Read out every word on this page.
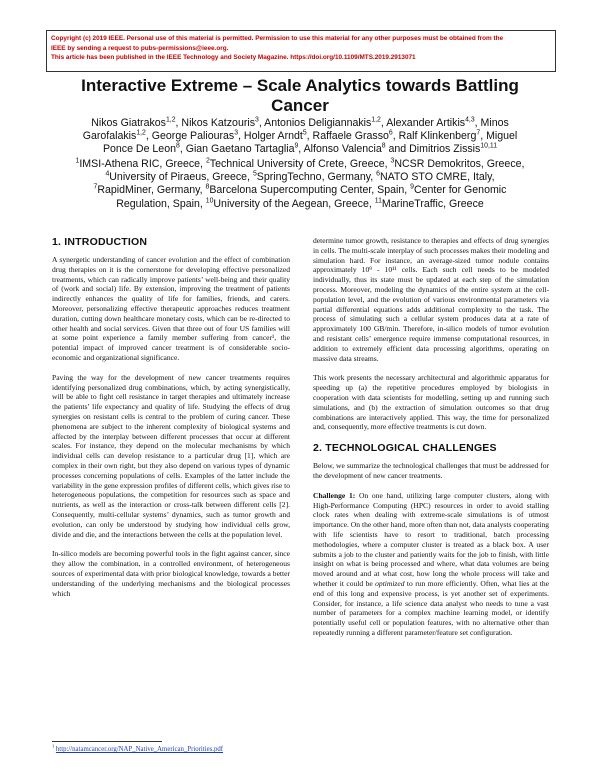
Copyright (c) 2019 IEEE. Personal use of this material is permitted. Permission to use this material for any other purposes must be obtained from the
IEEE by sending a request to pubs-permissions@ieee.org.
This article has been published in the IEEE Technology and Society Magazine. https://doi.org/10.1109/MTS.2019.2913071
Interactive Extreme – Scale Analytics towards Battling
Cancer
Nikos Giatrakos$^{1,2}$, Nikos Katzouris$^3$, Antonios Deligiannakis$^{1,2}$, Alexander Artikis$^{4,3}$, Minos
Garofalakis$^{1,2}$, George Paliouras$^3$, Holger Arndt$^5$, Raffaele Grasso$^6$, Ralf Klinkenberg$^7$, Miguel
Ponce De Leon$^8$, Gian Gaetano Tartaglia$^9$, Alfonso Valencia$^8$ and Dimitrios Zissis$^{10,11}$
$^1$IMSI-Athena RIC, Greece, $^2$Technical University of Crete, Greece, $^3$NCSR Demokritos, Greece,
$^4$University of Piraeus, Greece, $^5$SpringTechno, Germany, $^6$NATO STO CMRE, Italy,
$^7$RapidMiner, Germany, $^8$Barcelona Supercomputing Center, Spain, $^9$Center for Genomic
Regulation, Spain, $^{10}$University of the Aegean, Greece, $^{11}$MarineTraffic, Greece
1. INTRODUCTION

A synergetic understanding of cancer evolution and the effect of combination drug therapies on it is the cornerstone for developing effective personalized treatments, which can radically improve patients’ well-being and their quality of (work and social) life. By extension, improving the treatment of patients indirectly enhances the quality of life for families, friends, and carers. Moreover, personalizing effective therapeutic approaches reduces treatment duration, cutting down healthcare monetary costs, which can be re-directed to other health and social services. Given that three out of four US families will at some point experience a family member suffering from cancer¹, the potential impact of improved cancer treatment is of considerable socio-economic and organizational significance.

Paving the way for the development of new cancer treatments requires identifying personalized drug combinations, which, by acting synergistically, will be able to fight cell resistance in target therapies and ultimately increase the patients’ life expectancy and quality of life. Studying the effects of drug synergies on resistant cells is central to the problem of curing cancer. These phenomena are subject to the inherent complexity of biological systems and affected by the interplay between different processes that occur at different scales. For instance, they depend on the molecular mechanisms by which individual cells can develop resistance to a particular drug [1], which are complex in their own right, but they also depend on various types of dynamic processes concerning populations of cells. Examples of the latter include the variability in the gene expression profiles of different cells, which gives rise to heterogeneous populations, the competition for resources such as space and nutrients, as well as the interaction or cross-talk between different cells [2]. Consequently, multi-cellular systems’ dynamics, such as tumor growth and evolution, can only be understood by studying how individual cells grow, divide and die, and the interactions between the cells at the population level.

In-silico models are becoming powerful tools in the fight against cancer, since they allow the combination, in a controlled environment, of heterogeneous sources of experimental data with prior biological knowledge, towards a better understanding of the underlying mechanisms and the biological processes which

determine tumor growth, resistance to therapies and effects of drug synergies in cells. The multi-scale interplay of such processes makes their modeling and simulation hard. For instance, an average-sized tumor nodule contains approximately 10⁹ - 10¹¹ cells. Each such cell needs to be modeled individually, thus its state must be updated at each step of the simulation process. Moreover, modeling the dynamics of the entire system at the cell-population level, and the evolution of various environmental parameters via partial differential equations adds additional complexity to the task. The process of simulating such a cellular system produces data at a rate of approximately 100 GB/min. Therefore, in-silico models of tumor evolution and resistant cells’ emergence require immense computational resources, in addition to extremely efficient data processing algorithms, operating on massive data streams.

This work presents the necessary architectural and algorithmic apparatus for speeding up (a) the repetitive procedures employed by biologists in cooperation with data scientists for modelling, setting up and running such simulations, and (b) the extraction of simulation outcomes so that drug combinations are interactively applied. This way, the time for personalized and, consequently, more effective treatments is cut down.

2. TECHNOLOGICAL CHALLENGES

Below, we summarize the technological challenges that must be addressed for the development of new cancer treatments.

Challenge 1: On one hand, utilizing large computer clusters, along with High-Performance Computing (HPC) resources in order to avoid stalling clock rates when dealing with extreme-scale simulations is of utmost importance. On the other hand, more often than not, data analysts cooperating with life scientists have to resort to traditional, batch processing methodologies, where a computer cluster is treated as a black box. A user submits a job to the cluster and patiently waits for the job to finish, with little insight on what is being processed and where, what data volumes are being moved around and at what cost, how long the whole process will take and whether it could be optimized to run more efficiently. Often, what lies at the end of this long and expensive process, is yet another set of experiments. Consider, for instance, a life science data analyst who needs to tune a vast number of parameters for a complex machine learning model, or identify potentially useful cell or population features, with no alternative other than repeatedly running a different parameter/feature set configuration.

$^1$ http://natamcancer.org/NAP_Native_American_Priorities.pdf
